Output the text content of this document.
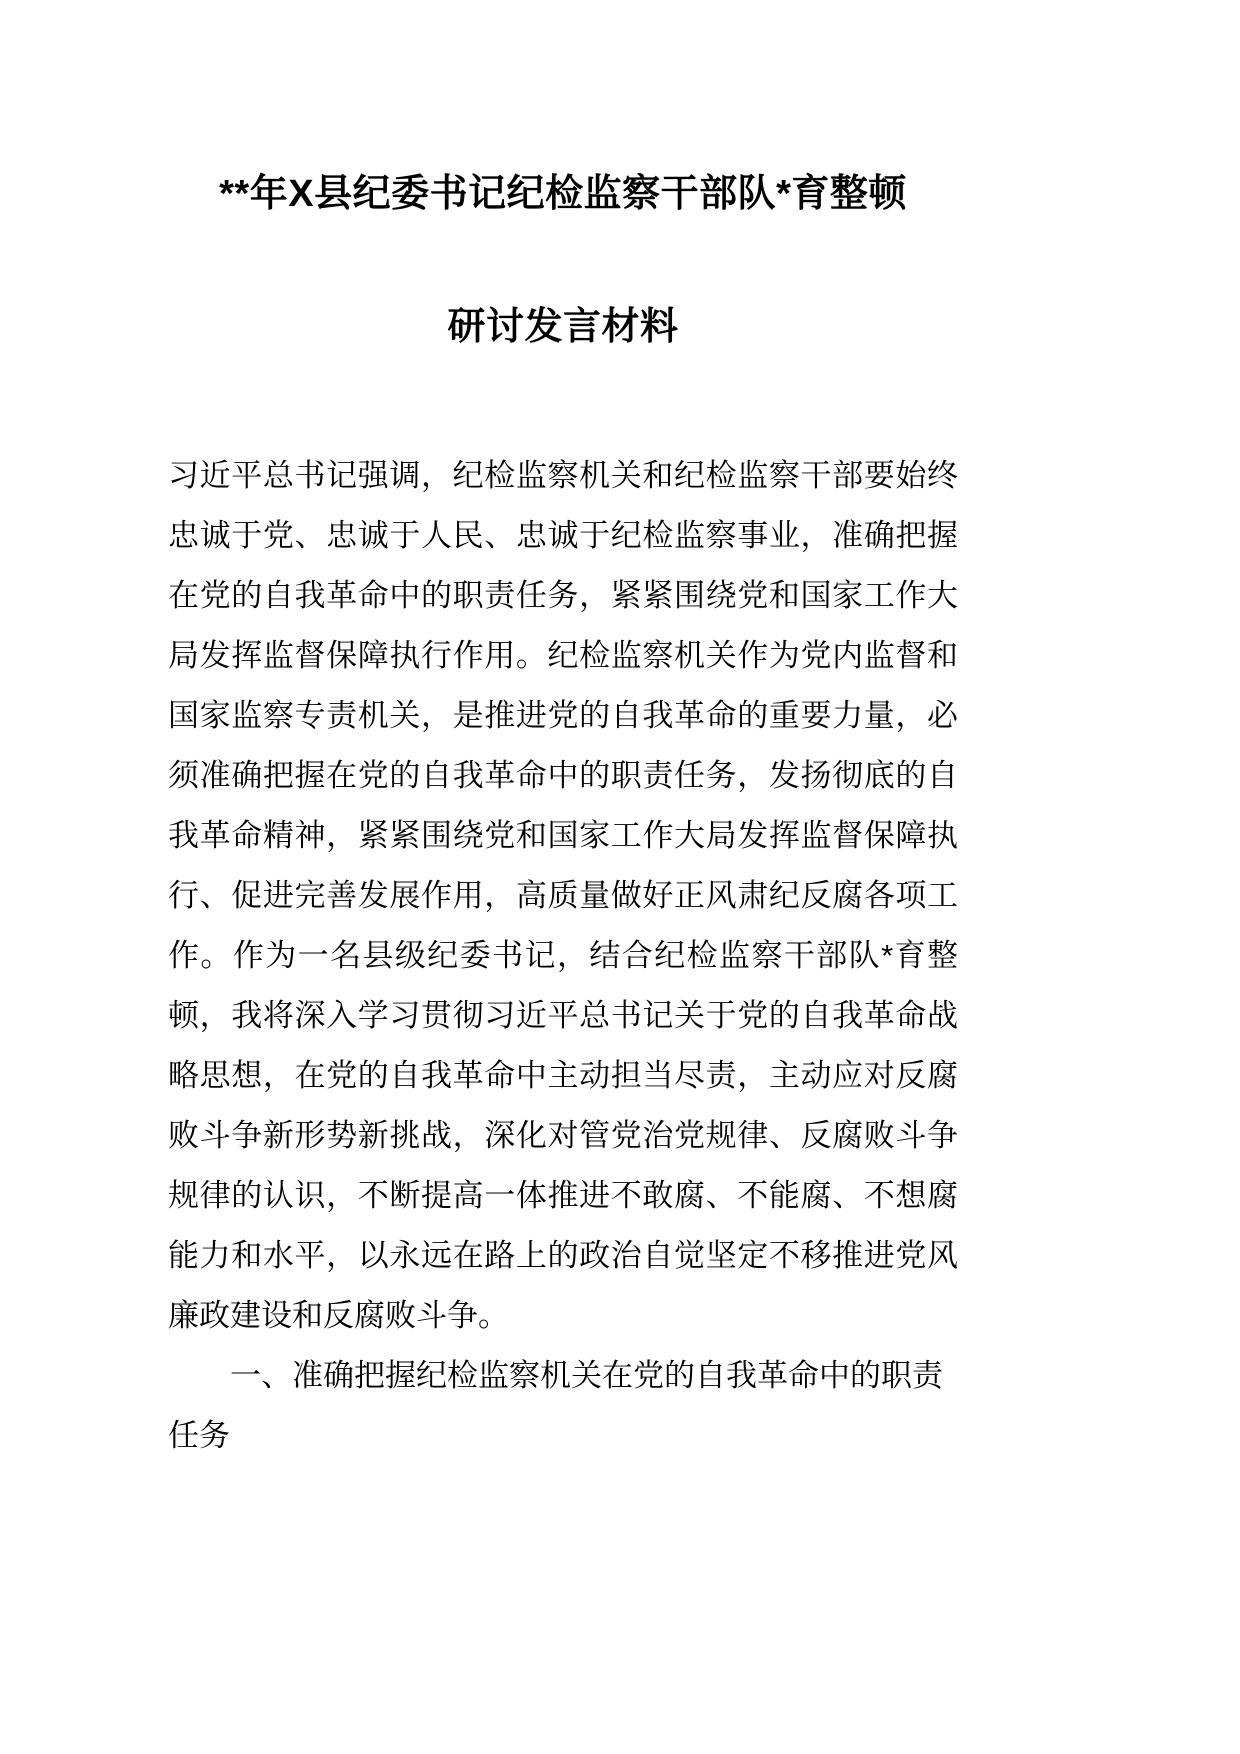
**年X县纪委书记纪检监察干部队*育整顿
研讨发言材料

习近平总书记强调，纪检监察机关和纪检监察干部要始终忠诚于党、忠诚于人民、忠诚于纪检监察事业，准确把握在党的自我革命中的职责任务，紧紧围绕党和国家工作大局发挥监督保障执行作用。纪检监察机关作为党内监督和国家监察专责机关，是推进党的自我革命的重要力量，必须准确把握在党的自我革命中的职责任务，发扬彻底的自我革命精神，紧紧围绕党和国家工作大局发挥监督保障执行、促进完善发展作用，高质量做好正风肃纪反腐各项工作。作为一名县级纪委书记，结合纪检监察干部队*育整顿，我将深入学习贯彻习近平总书记关于党的自我革命战略思想，在党的自我革命中主动担当尽责，主动应对反腐败斗争新形势新挑战，深化对管党治党规律、反腐败斗争规律的认识，不断提高一体推进不敢腐、不能腐、不想腐能力和水平，以永远在路上的政治自觉坚定不移推进党风廉政建设和反腐败斗争。

一、准确把握纪检监察机关在党的自我革命中的职责任务
